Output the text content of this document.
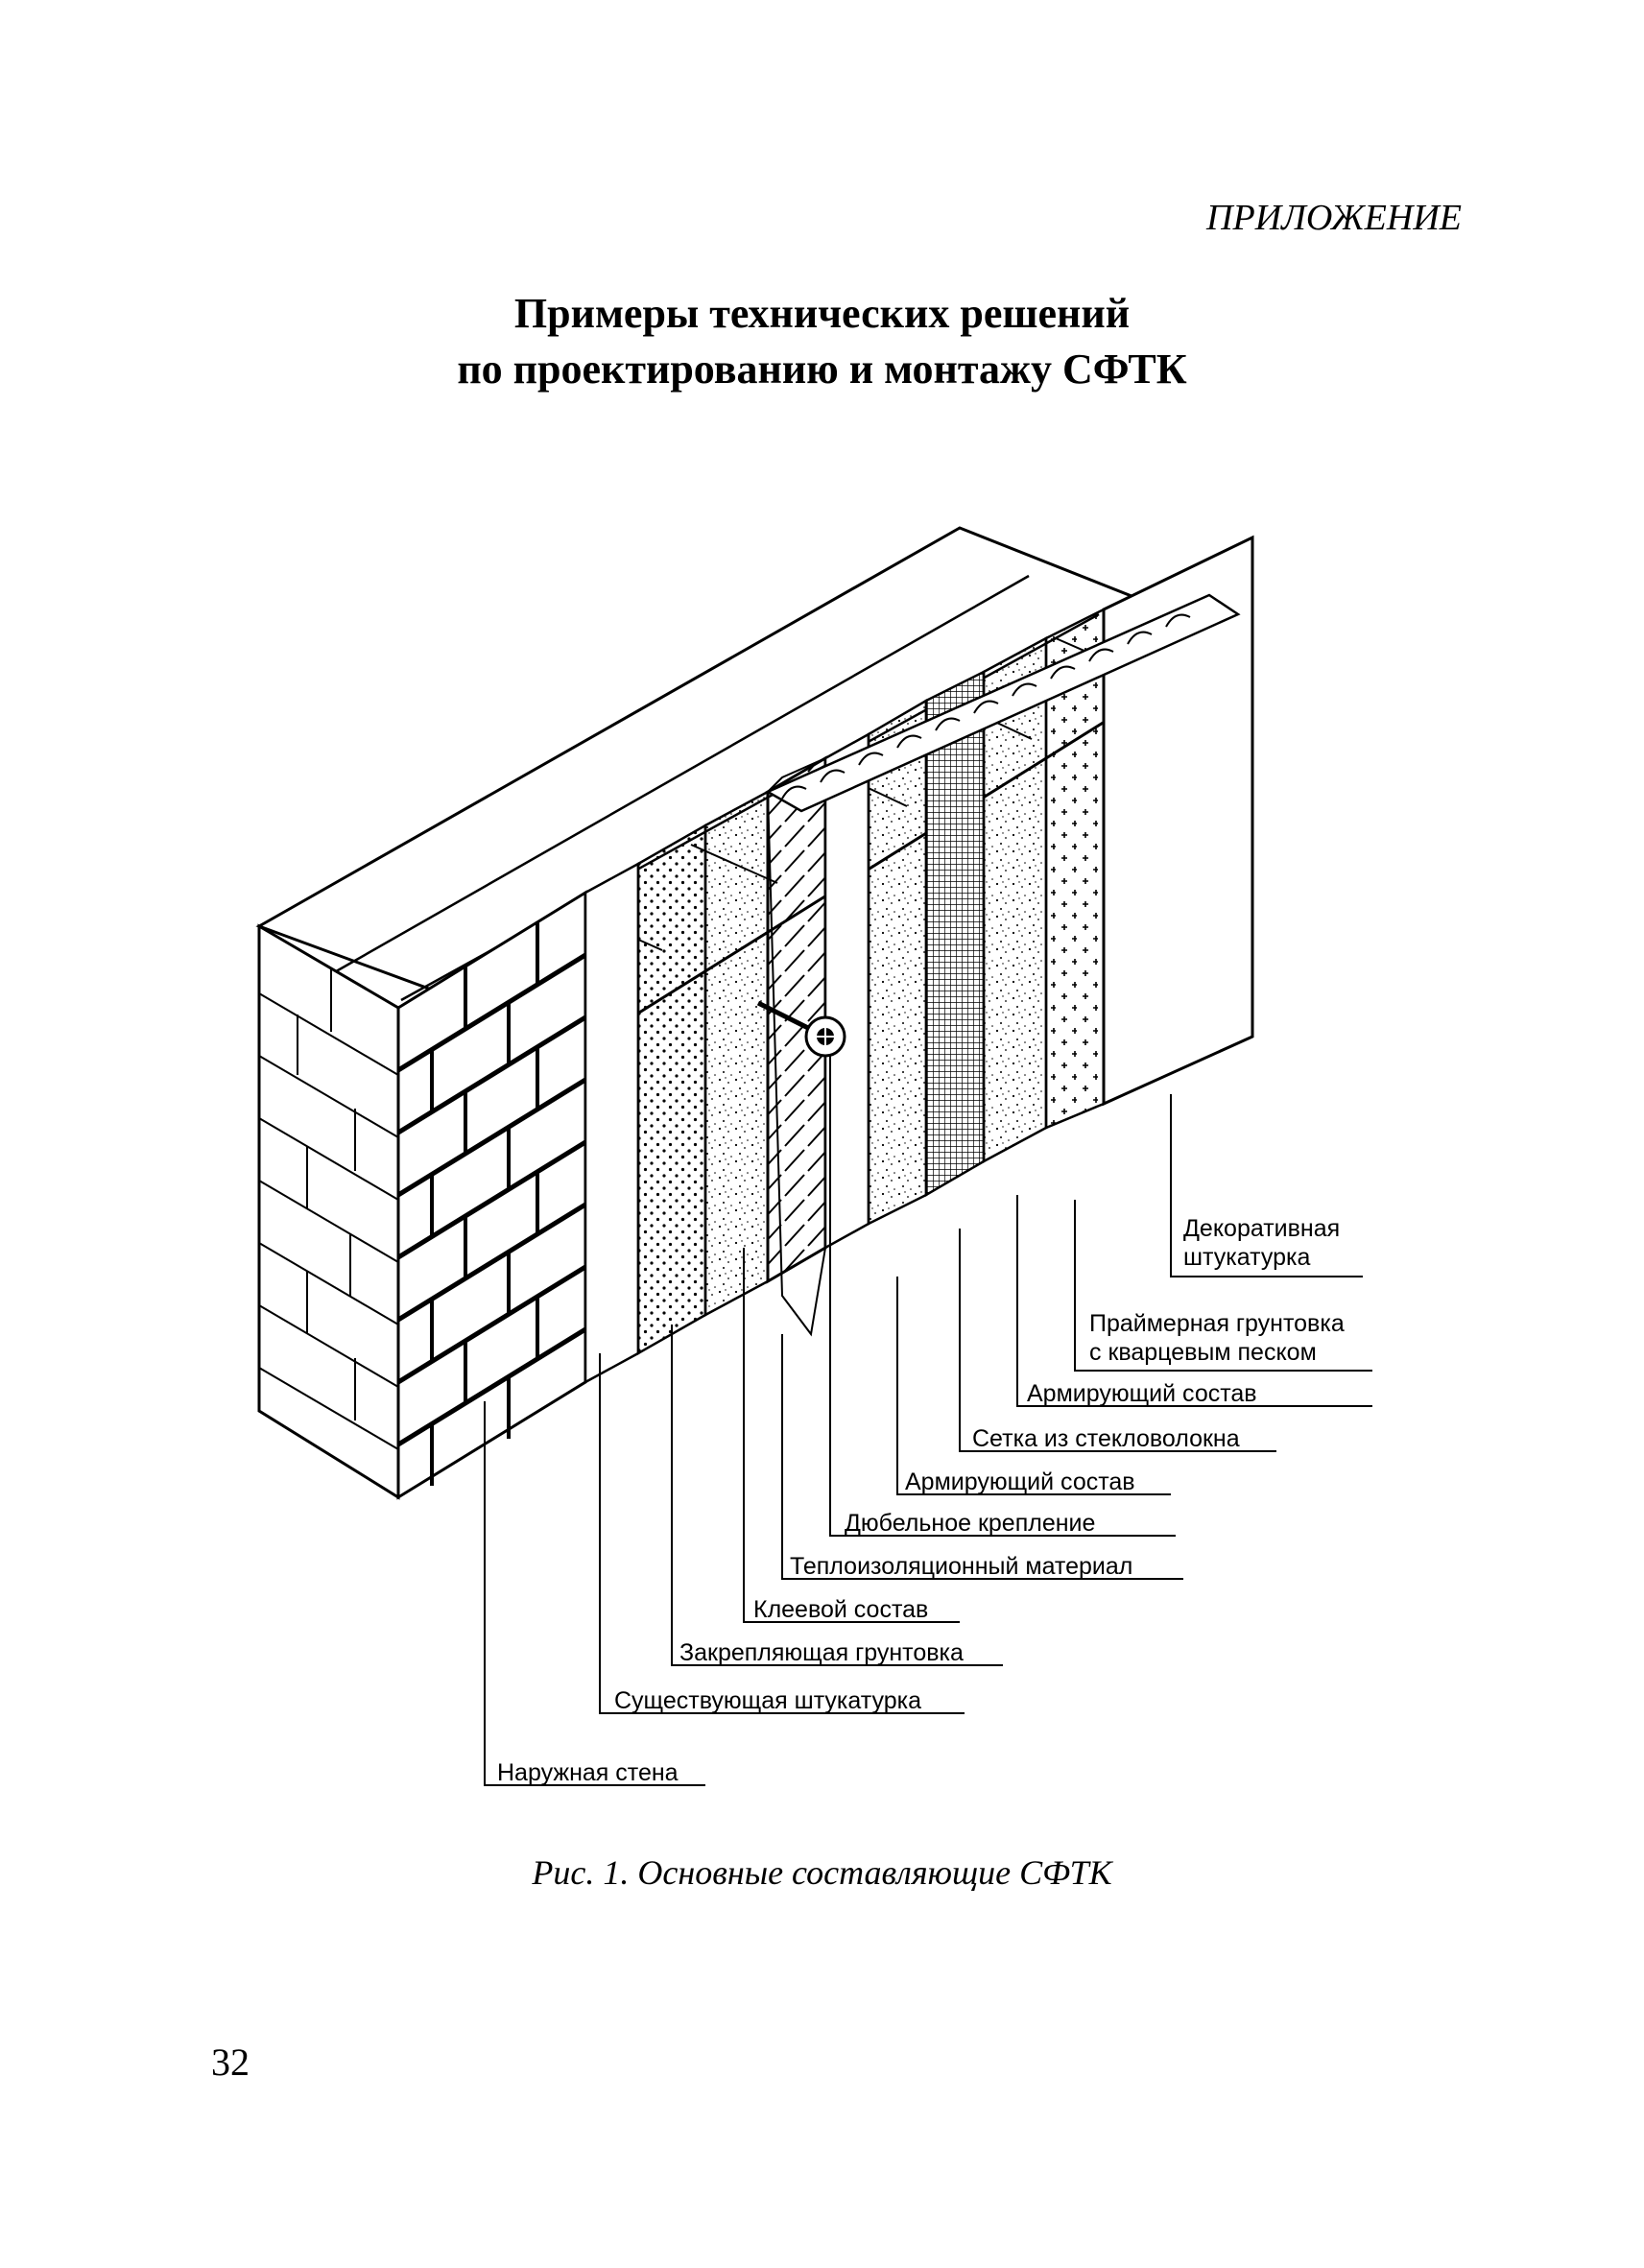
ПРИЛОЖЕНИЕ
Примеры технических решений
по проектированию и монтажу СФТК
Декоративная
штукатурка
Праймерная грунтовка
с кварцевым песком
Армирующий состав
Сетка из стекловолокна
Армирующий состав
Дюбельное крепление
Теплоизоляционный материал
Клеевой состав
Закрепляющая грунтовка
Существующая штукатурка
Наружная стена
Рис. 1. Основные составляющие СФТК
32
